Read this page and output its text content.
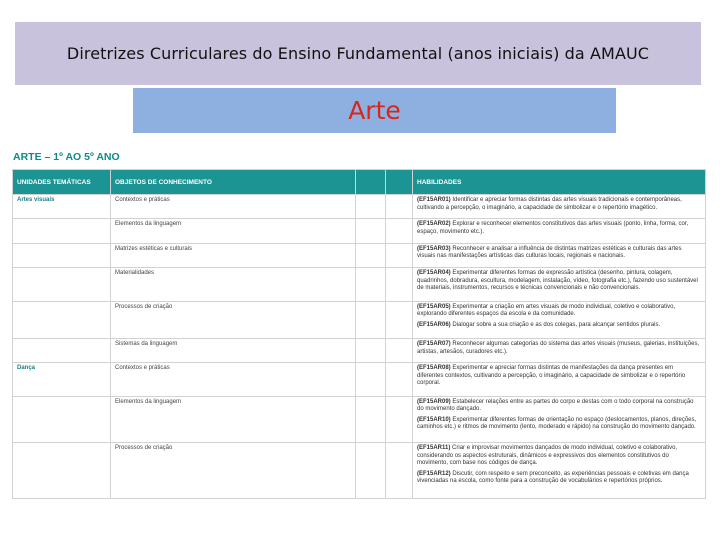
Diretrizes Curriculares do Ensino Fundamental (anos iniciais) da AMAUC
Arte
ARTE – 1º AO 5º ANO
UNIDADES TEMÁTICAS	OBJETOS DE CONHECIMENTO			HABILIDADES
Artes visuais	Contextos e práticas			(EF15AR01) Identificar e apreciar formas distintas das artes visuais tradicionais e contemporâneas, cultivando a percepção, o imaginário, a capacidade de simbolizar e o repertório imagético.

	Elementos da linguagem			(EF15AR02) Explorar e reconhecer elementos constitutivos das artes visuais (ponto, linha, forma, cor, espaço, movimento etc.).

	Matrizes estéticas e culturais			(EF15AR03) Reconhecer e analisar a influência de distintas matrizes estéticas e culturais das artes visuais nas manifestações artísticas das culturas locais, regionais e nacionais.

	Materialidades			(EF15AR04) Experimentar diferentes formas de expressão artística (desenho, pintura, colagem, quadrinhos, dobradura, escultura, modelagem, instalação, vídeo, fotografia etc.), fazendo uso sustentável de materiais, instrumentos, recursos e técnicas convencionais e não convencionais.

	Processos de criação			(EF15AR05) Experimentar a criação em artes visuais de modo individual, coletivo e colaborativo, explorando diferentes espaços da escola e da comunidade.
(EF15AR06) Dialogar sobre a sua criação e as dos colegas, para alcançar sentidos plurais.

	Sistemas da linguagem			(EF15AR07) Reconhecer algumas categorias do sistema das artes visuais (museus, galerias, instituições, artistas, artesãos, curadores etc.).

Dança	Contextos e práticas			(EF15AR08) Experimentar e apreciar formas distintas de manifestações da dança presentes em diferentes contextos, cultivando a percepção, o imaginário, a capacidade de simbolizar e o repertório corporal.

	Elementos da linguagem			(EF15AR09) Estabelecer relações entre as partes do corpo e destas com o todo corporal na construção do movimento dançado.
(EF15AR10) Experimentar diferentes formas de orientação no espaço (deslocamentos, planos, direções, caminhos etc.) e ritmos de movimento (lento, moderado e rápido) na construção do movimento dançado.

	Processos de criação			(EF15AR11) Criar e improvisar movimentos dançados de modo individual, coletivo e colaborativo, considerando os aspectos estruturais, dinâmicos e expressivos dos elementos constitutivos do movimento, com base nos códigos de dança.
(EF15AR12) Discutir, com respeito e sem preconceito, as experiências pessoais e coletivas em dança vivenciadas na escola, como fonte para a construção de vocabulários e repertórios próprios.
